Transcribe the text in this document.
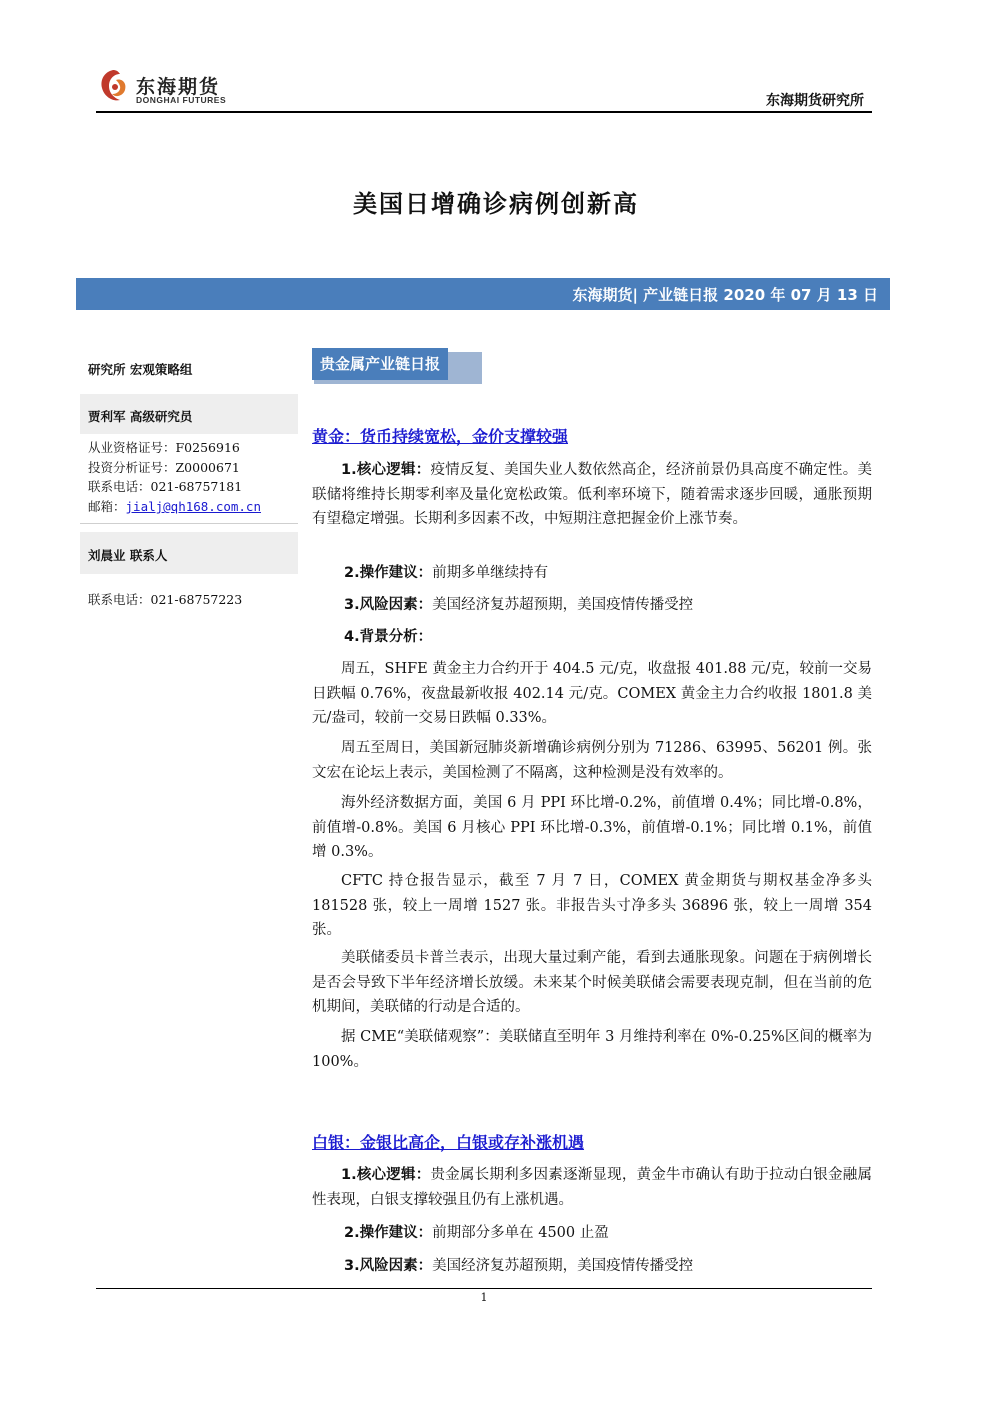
东海期货
DONGHAI FUTURES	东海期货研究所
美国日增确诊病例创新高
东海期货| 产业链日报 2020 年 07 月 13 日
研究所 宏观策略组
贾利军 高级研究员
从业资格证号：F0256916
投资分析证号：Z0000671
联系电话：021-68757181
邮箱：jialj@qh168.com.cn
刘晨业 联系人
联系电话：021-68757223
贵金属产业链日报
黄金：货币持续宽松，金价支撑较强
1.核心逻辑：疫情反复、美国失业人数依然高企，经济前景仍具高度不确定性。美联储将维持长期零利率及量化宽松政策。低利率环境下，随着需求逐步回暖，通胀预期有望稳定增强。长期利多因素不改，中短期注意把握金价上涨节奏。
2.操作建议：前期多单继续持有
3.风险因素：美国经济复苏超预期，美国疫情传播受控
4.背景分析：
周五，SHFE 黄金主力合约开于 404.5 元/克，收盘报 401.88 元/克，较前一交易日跌幅 0.76%，夜盘最新收报 402.14 元/克。COMEX 黄金主力合约收报 1801.8 美元/盎司，较前一交易日跌幅 0.33%。
周五至周日，美国新冠肺炎新增确诊病例分别为 71286、63995、56201 例。张文宏在论坛上表示，美国检测了不隔离，这种检测是没有效率的。
海外经济数据方面，美国 6 月 PPI 环比增-0.2%，前值增 0.4%；同比增-0.8%，前值增-0.8%。美国 6 月核心 PPI 环比增-0.3%，前值增-0.1%；同比增 0.1%，前值增 0.3%。
CFTC 持仓报告显示，截至 7 月 7 日，COMEX 黄金期货与期权基金净多头 181528 张，较上一周增 1527 张。非报告头寸净多头 36896 张，较上一周增 354 张。
美联储委员卡普兰表示，出现大量过剩产能，看到去通胀现象。问题在于病例增长是否会导致下半年经济增长放缓。未来某个时候美联储会需要表现克制，但在当前的危机期间，美联储的行动是合适的。
据 CME“美联储观察”：美联储直至明年 3 月维持利率在 0%-0.25%区间的概率为 100%。
白银：金银比高企，白银或存补涨机遇
1.核心逻辑：贵金属长期利多因素逐渐显现，黄金牛市确认有助于拉动白银金融属性表现，白银支撑较强且仍有上涨机遇。
2.操作建议：前期部分多单在 4500 止盈
3.风险因素：美国经济复苏超预期，美国疫情传播受控
1
